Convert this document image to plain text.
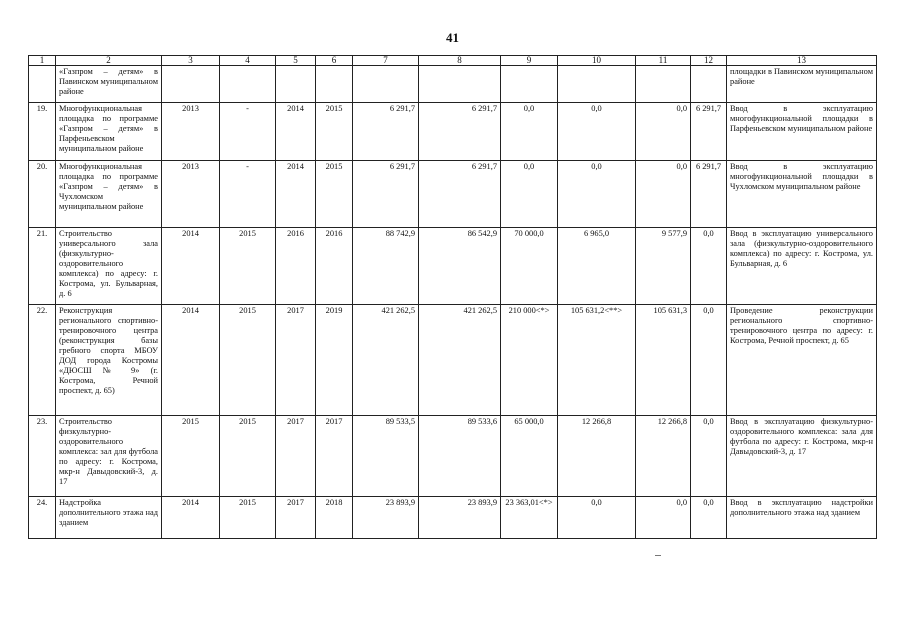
41
1	2	3	4	5	6	7	8	9	10	11	12	13
	«Газпром – детям» в Павинском муниципальном районе											площадки в Павинском муниципальном районе
19.	Многофункциональная площадка по программе «Газпром – детям» в Парфеньевском муниципальном районе	2013	-	2014	2015	6 291,7	6 291,7	0,0	0,0	0,0	6 291,7	Ввод в эксплуатацию многофункциональной площадки в Парфеньевском муниципальном районе
20.	Многофункциональная площадка по программе «Газпром – детям» в Чухломском муниципальном районе	2013	-	2014	2015	6 291,7	6 291,7	0,0	0,0	0,0	6 291,7	Ввод в эксплуатацию многофункциональной площадки в Чухломском муниципальном районе
21.	Строительство универсального зала (физкультурно-оздоровительного комплекса) по адресу: г. Кострома, ул. Бульварная, д. 6	2014	2015	2016	2016	88 742,9	86 542,9	70 000,0	6 965,0	9 577,9	0,0	Ввод в эксплуатацию универсального зала (физкультурно-оздоровительного комплекса) по адресу: г. Кострома, ул. Бульварная, д. 6
22.	Реконструкция регионального спортивно-тренировочного центра (реконструкция базы гребного спорта МБОУ ДОД города Костромы «ДЮСШ № 9» (г. Кострома, Речной проспект, д. 65)	2014	2015	2017	2019	421 262,5	421 262,5	210 000<*>	105 631,2<**>	105 631,3	0,0	Проведение реконструкции регионального спортивно-тренировочного центра по адресу: г. Кострома, Речной проспект, д. 65
23.	Строительство физкультурно-оздоровительного комплекса: зал для футбола по адресу: г. Кострома, мкр-н Давыдовский-3, д. 17	2015	2015	2017	2017	89 533,5	89 533,6	65 000,0	12 266,8	12 266,8	0,0	Ввод в эксплуатацию физкультурно-оздоровительного комплекса: зала для футбола по адресу: г. Кострома, мкр-н Давыдовский-3, д. 17
24.	Надстройка дополнительного этажа над зданием	2014	2015	2017	2018	23 893,9	23 893,9	23 363,01<*>	0,0	0,0	0,0	Ввод в эксплуатацию надстройки дополнительного этажа над зданием
